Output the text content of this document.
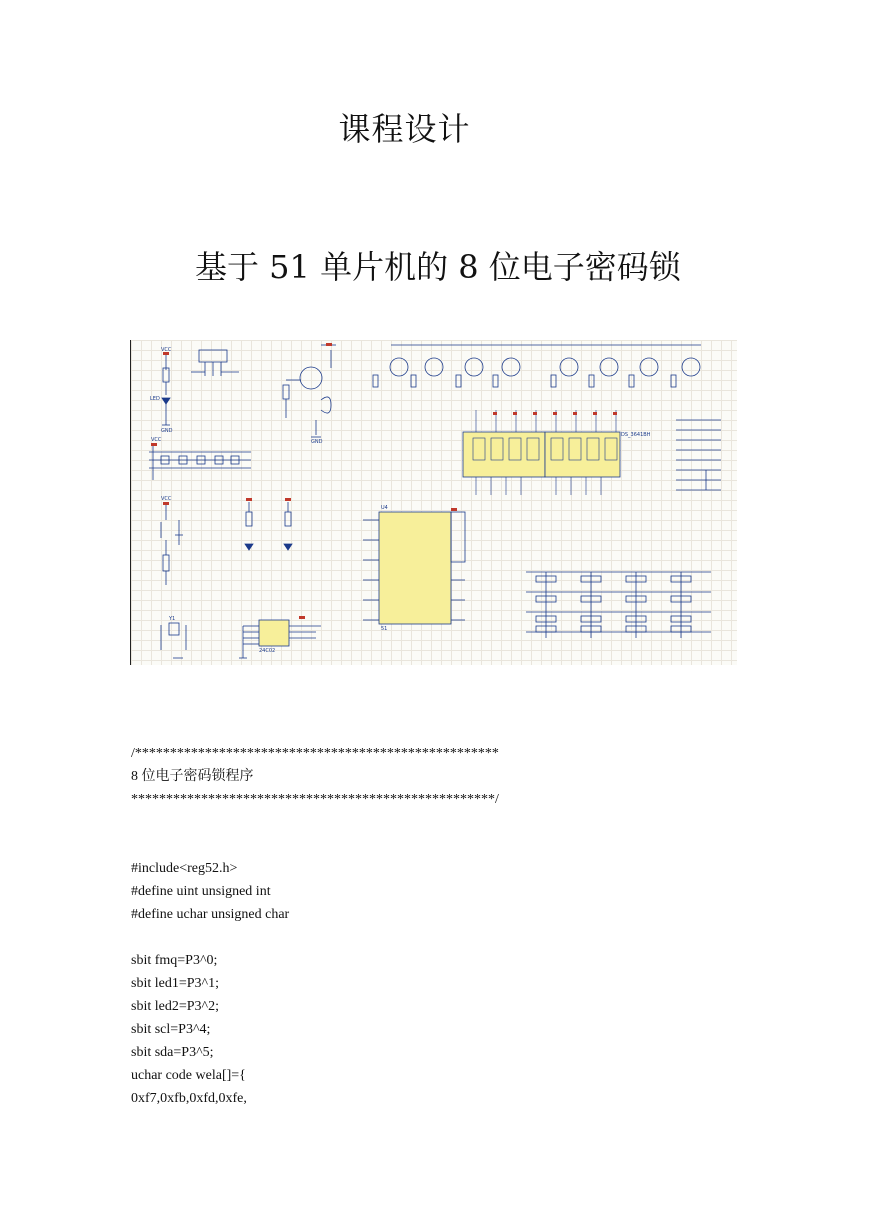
课程设计
基于 51 单片机的 8 位电子密码锁
VCC
VCC
VCC
LED
GND
GND
DS_3641BH
U4
51
24C02
Y1
/****************************************************
8 位电子密码锁程序
****************************************************/
#include<reg52.h>
#define uint unsigned int
#define uchar unsigned char
sbit fmq=P3^0;
sbit led1=P3^1;
sbit led2=P3^2;
sbit scl=P3^4;
sbit sda=P3^5;
uchar code wela[]={
0xf7,0xfb,0xfd,0xfe,
